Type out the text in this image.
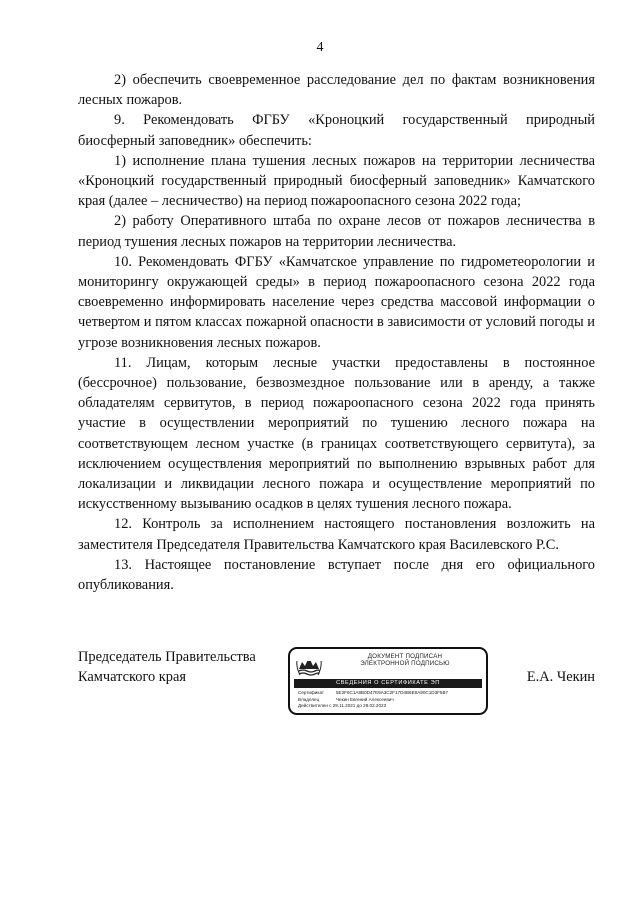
4

2) обеспечить своевременное расследование дел по фактам возникновения лесных пожаров.

9. Рекомендовать ФГБУ «Кроноцкий государственный природный биосферный заповедник» обеспечить:

1) исполнение плана тушения лесных пожаров на территории лесничества «Кроноцкий государственный природный биосферный заповедник» Камчатского края (далее – лесничество) на период пожароопасного сезона 2022 года;

2) работу Оперативного штаба по охране лесов от пожаров лесничества в период тушения лесных пожаров на территории лесничества.

10. Рекомендовать ФГБУ «Камчатское управление по гидрометеорологии и мониторингу окружающей среды» в период пожароопасного сезона 2022 года своевременно информировать население через средства массовой информации о четвертом и пятом классах пожарной опасности в зависимости от условий погоды и угрозе возникновения лесных пожаров.

11. Лицам, которым лесные участки предоставлены в постоянное (бессрочное) пользование, безвозмездное пользование или в аренду, а также обладателям сервитутов, в период пожароопасного сезона 2022 года принять участие в осуществлении мероприятий по тушению лесного пожара на соответствующем лесном участке (в границах соответствующего сервитута), за исключением осуществления мероприятий по выполнению взрывных работ для локализации и ликвидации лесного пожара и осуществление мероприятий по искусственному вызыванию осадков в целях тушения лесного пожара.

12. Контроль за исполнением настоящего постановления возложить на заместителя Председателя Правительства Камчатского края Василевского Р.С.

13. Настоящее постановление вступает после дня его официального опубликования.

Председатель Правительства
Камчатского края
ДОКУМЕНТ ПОДПИСАН
ЭЛЕКТРОННОЙ ПОДПИСЬЮ
СВЕДЕНИЯ О СЕРТИФИКАТЕ ЭП
Сертификат	5E2F6C1A8B0D47E9A3C2F17D4B6E8A90C1D3F5B7
Владелец	Чекин Евгений Алексеевич
Действителен с 29.11.2021 до 29.02.2023
Е.А. Чекин
